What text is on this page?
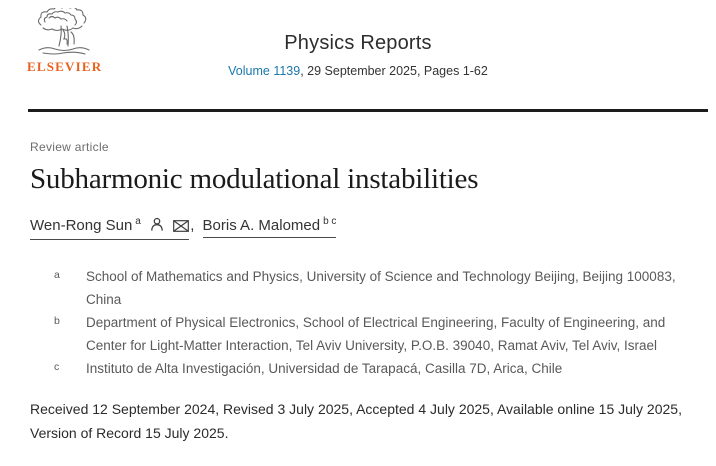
ELSEVIER
Physics Reports
Volume 1139, 29 September 2025, Pages 1-62
Review article
Subharmonic modulational instabilities
Wen-Rong Sun $^a$	, Boris A. Malomed $^{b c}$
a School of Mathematics and Physics, University of Science and Technology Beijing, Beijing 100083, China
b Department of Physical Electronics, School of Electrical Engineering, Faculty of Engineering, and Center for Light-Matter Interaction, Tel Aviv University, P.O.B. 39040, Ramat Aviv, Tel Aviv, Israel
c Instituto de Alta Investigación, Universidad de Tarapacá, Casilla 7D, Arica, Chile
Received 12 September 2024, Revised 3 July 2025, Accepted 4 July 2025, Available online 15 July 2025, Version of Record 15 July 2025.
